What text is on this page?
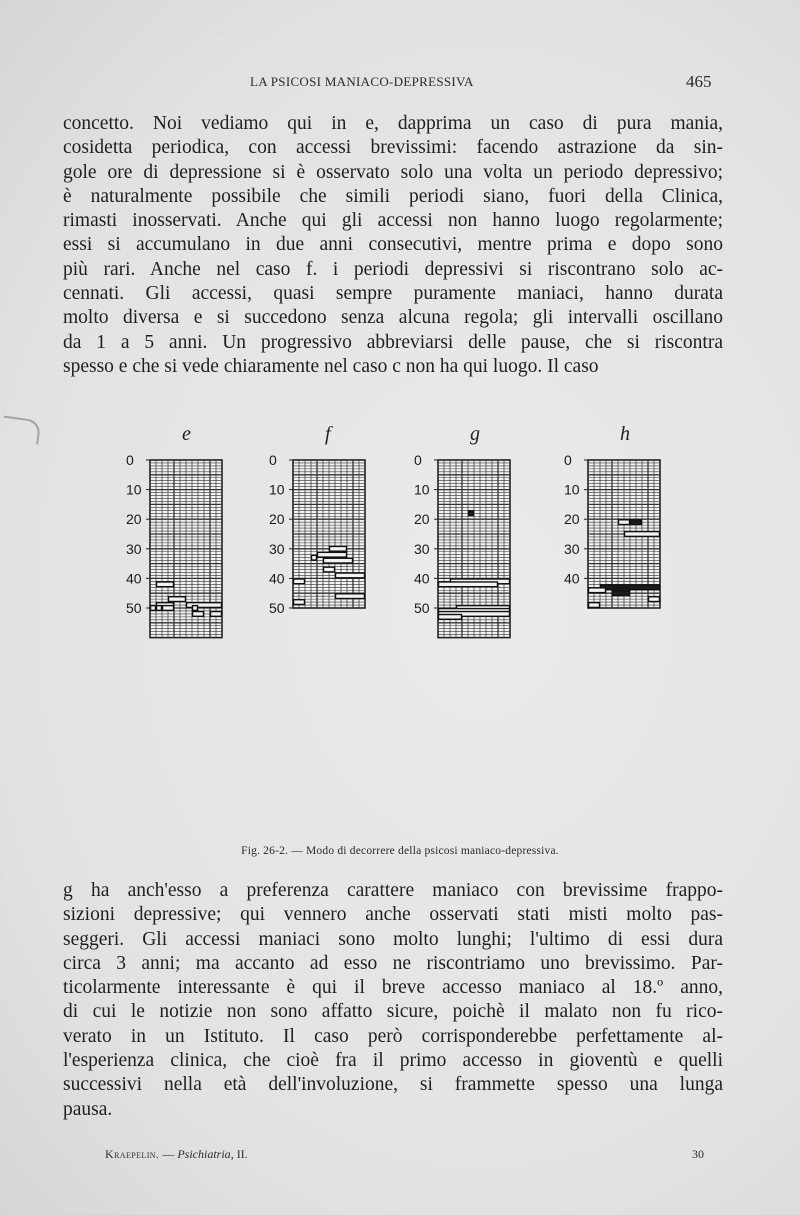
LA PSICOSI MANIACO-DEPRESSIVA	465
concetto. Noi vediamo qui in e, dapprima un caso di pura mania,
cosidetta periodica, con accessi brevissimi: facendo astrazione da sin-
gole ore di depressione si è osservato solo una volta un periodo depressivo;
è naturalmente possibile che simili periodi siano, fuori della Clinica,
rimasti inosservati. Anche qui gli accessi non hanno luogo regolarmente;
essi si accumulano in due anni consecutivi, mentre prima e dopo sono
più rari. Anche nel caso f. i periodi depressivi si riscontrano solo ac-
cennati. Gli accessi, quasi sempre puramente maniaci, hanno durata
molto diversa e si succedono senza alcuna regola; gli intervalli oscillano
da 1 a 5 anni. Un progressivo abbreviarsi delle pause, che si riscontra
spesso e che si vede chiaramente nel caso c non ha qui luogo. Il caso
e
0
10
20
30
40
50
f
0
10
20
30
40
50
g
0
10
20
30
40
50
h
0
10
20
30
40
Fig. 26-2. — Modo di decorrere della psicosi maniaco-depressiva.
g ha anch'esso a preferenza carattere maniaco con brevissime frappo-
sizioni depressive; qui vennero anche osservati stati misti molto pas-
seggeri. Gli accessi maniaci sono molto lunghi; l'ultimo di essi dura
circa 3 anni; ma accanto ad esso ne riscontriamo uno brevissimo. Par-
ticolarmente interessante è qui il breve accesso maniaco al 18.º anno,
di cui le notizie non sono affatto sicure, poichè il malato non fu rico-
verato in un Istituto. Il caso però corrisponderebbe perfettamente al-
l'esperienza clinica, che cioè fra il primo accesso in gioventù e quelli
successivi nella età dell'involuzione, si frammette spesso una lunga
pausa.
Kraepelin. — Psichiatria, II.	30
